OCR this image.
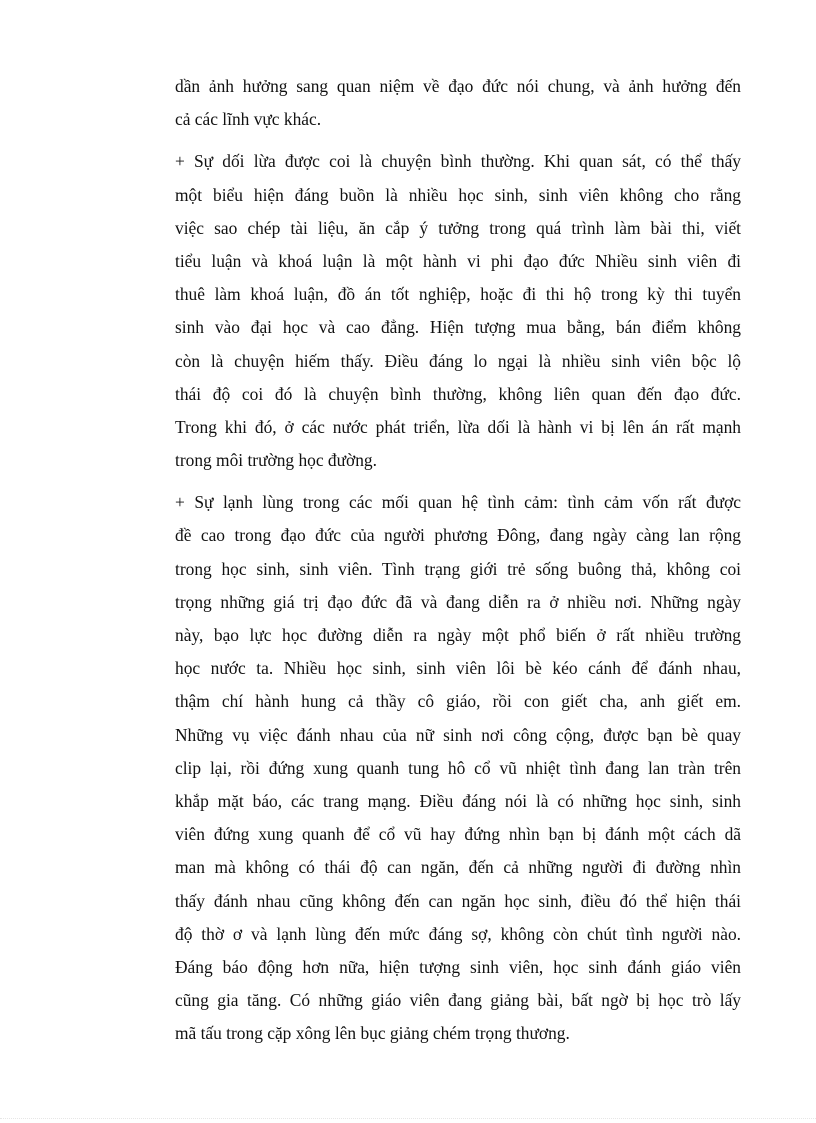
dần ảnh hưởng sang quan niệm về đạo đức nói chung, và ảnh hưởng đến
cả các lĩnh vực khác.
+ Sự dối lừa được coi là chuyện bình thường. Khi quan sát, có thể thấy
một biểu hiện đáng buồn là nhiều học sinh, sinh viên không cho rằng
việc sao chép tài liệu, ăn cắp ý tưởng trong quá trình làm bài thi, viết
tiểu luận và khoá luận là một hành vi phi đạo đức Nhiều sinh viên đi
thuê làm khoá luận, đồ án tốt nghiệp, hoặc đi thi hộ trong kỳ thi tuyển
sinh vào đại học và cao đẳng. Hiện tượng mua bằng, bán điểm không
còn là chuyện hiếm thấy. Điều đáng lo ngại là nhiều sinh viên bộc lộ
thái độ coi đó là chuyện bình thường, không liên quan đến đạo đức.
Trong khi đó, ở các nước phát triển, lừa dối là hành vi bị lên án rất mạnh
trong môi trường học đường.
+ Sự lạnh lùng trong các mối quan hệ tình cảm: tình cảm vốn rất được
đề cao trong đạo đức của người phương Đông, đang ngày càng lan rộng
trong học sinh, sinh viên. Tình trạng giới trẻ sống buông thả, không coi
trọng những giá trị đạo đức đã và đang diễn ra ở nhiều nơi. Những ngày
này, bạo lực học đường diễn ra ngày một phổ biến ở rất nhiều trường
học nước ta. Nhiều học sinh, sinh viên lôi bè kéo cánh để đánh nhau,
thậm chí hành hung cả thầy cô giáo, rồi con giết cha, anh giết em.
Những vụ việc đánh nhau của nữ sinh nơi công cộng, được bạn bè quay
clip lại, rồi đứng xung quanh tung hô cổ vũ nhiệt tình đang lan tràn trên
khắp mặt báo, các trang mạng. Điều đáng nói là có những học sinh, sinh
viên đứng xung quanh để cổ vũ hay đứng nhìn bạn bị đánh một cách dã
man mà không có thái độ can ngăn, đến cả những người đi đường nhìn
thấy đánh nhau cũng không đến can ngăn học sinh, điều đó thể hiện thái
độ thờ ơ và lạnh lùng đến mức đáng sợ, không còn chút tình người nào.
Đáng báo động hơn nữa, hiện tượng sinh viên, học sinh đánh giáo viên
cũng gia tăng. Có những giáo viên đang giảng bài, bất ngờ bị học trò lấy
mã tấu trong cặp xông lên bục giảng chém trọng thương.
